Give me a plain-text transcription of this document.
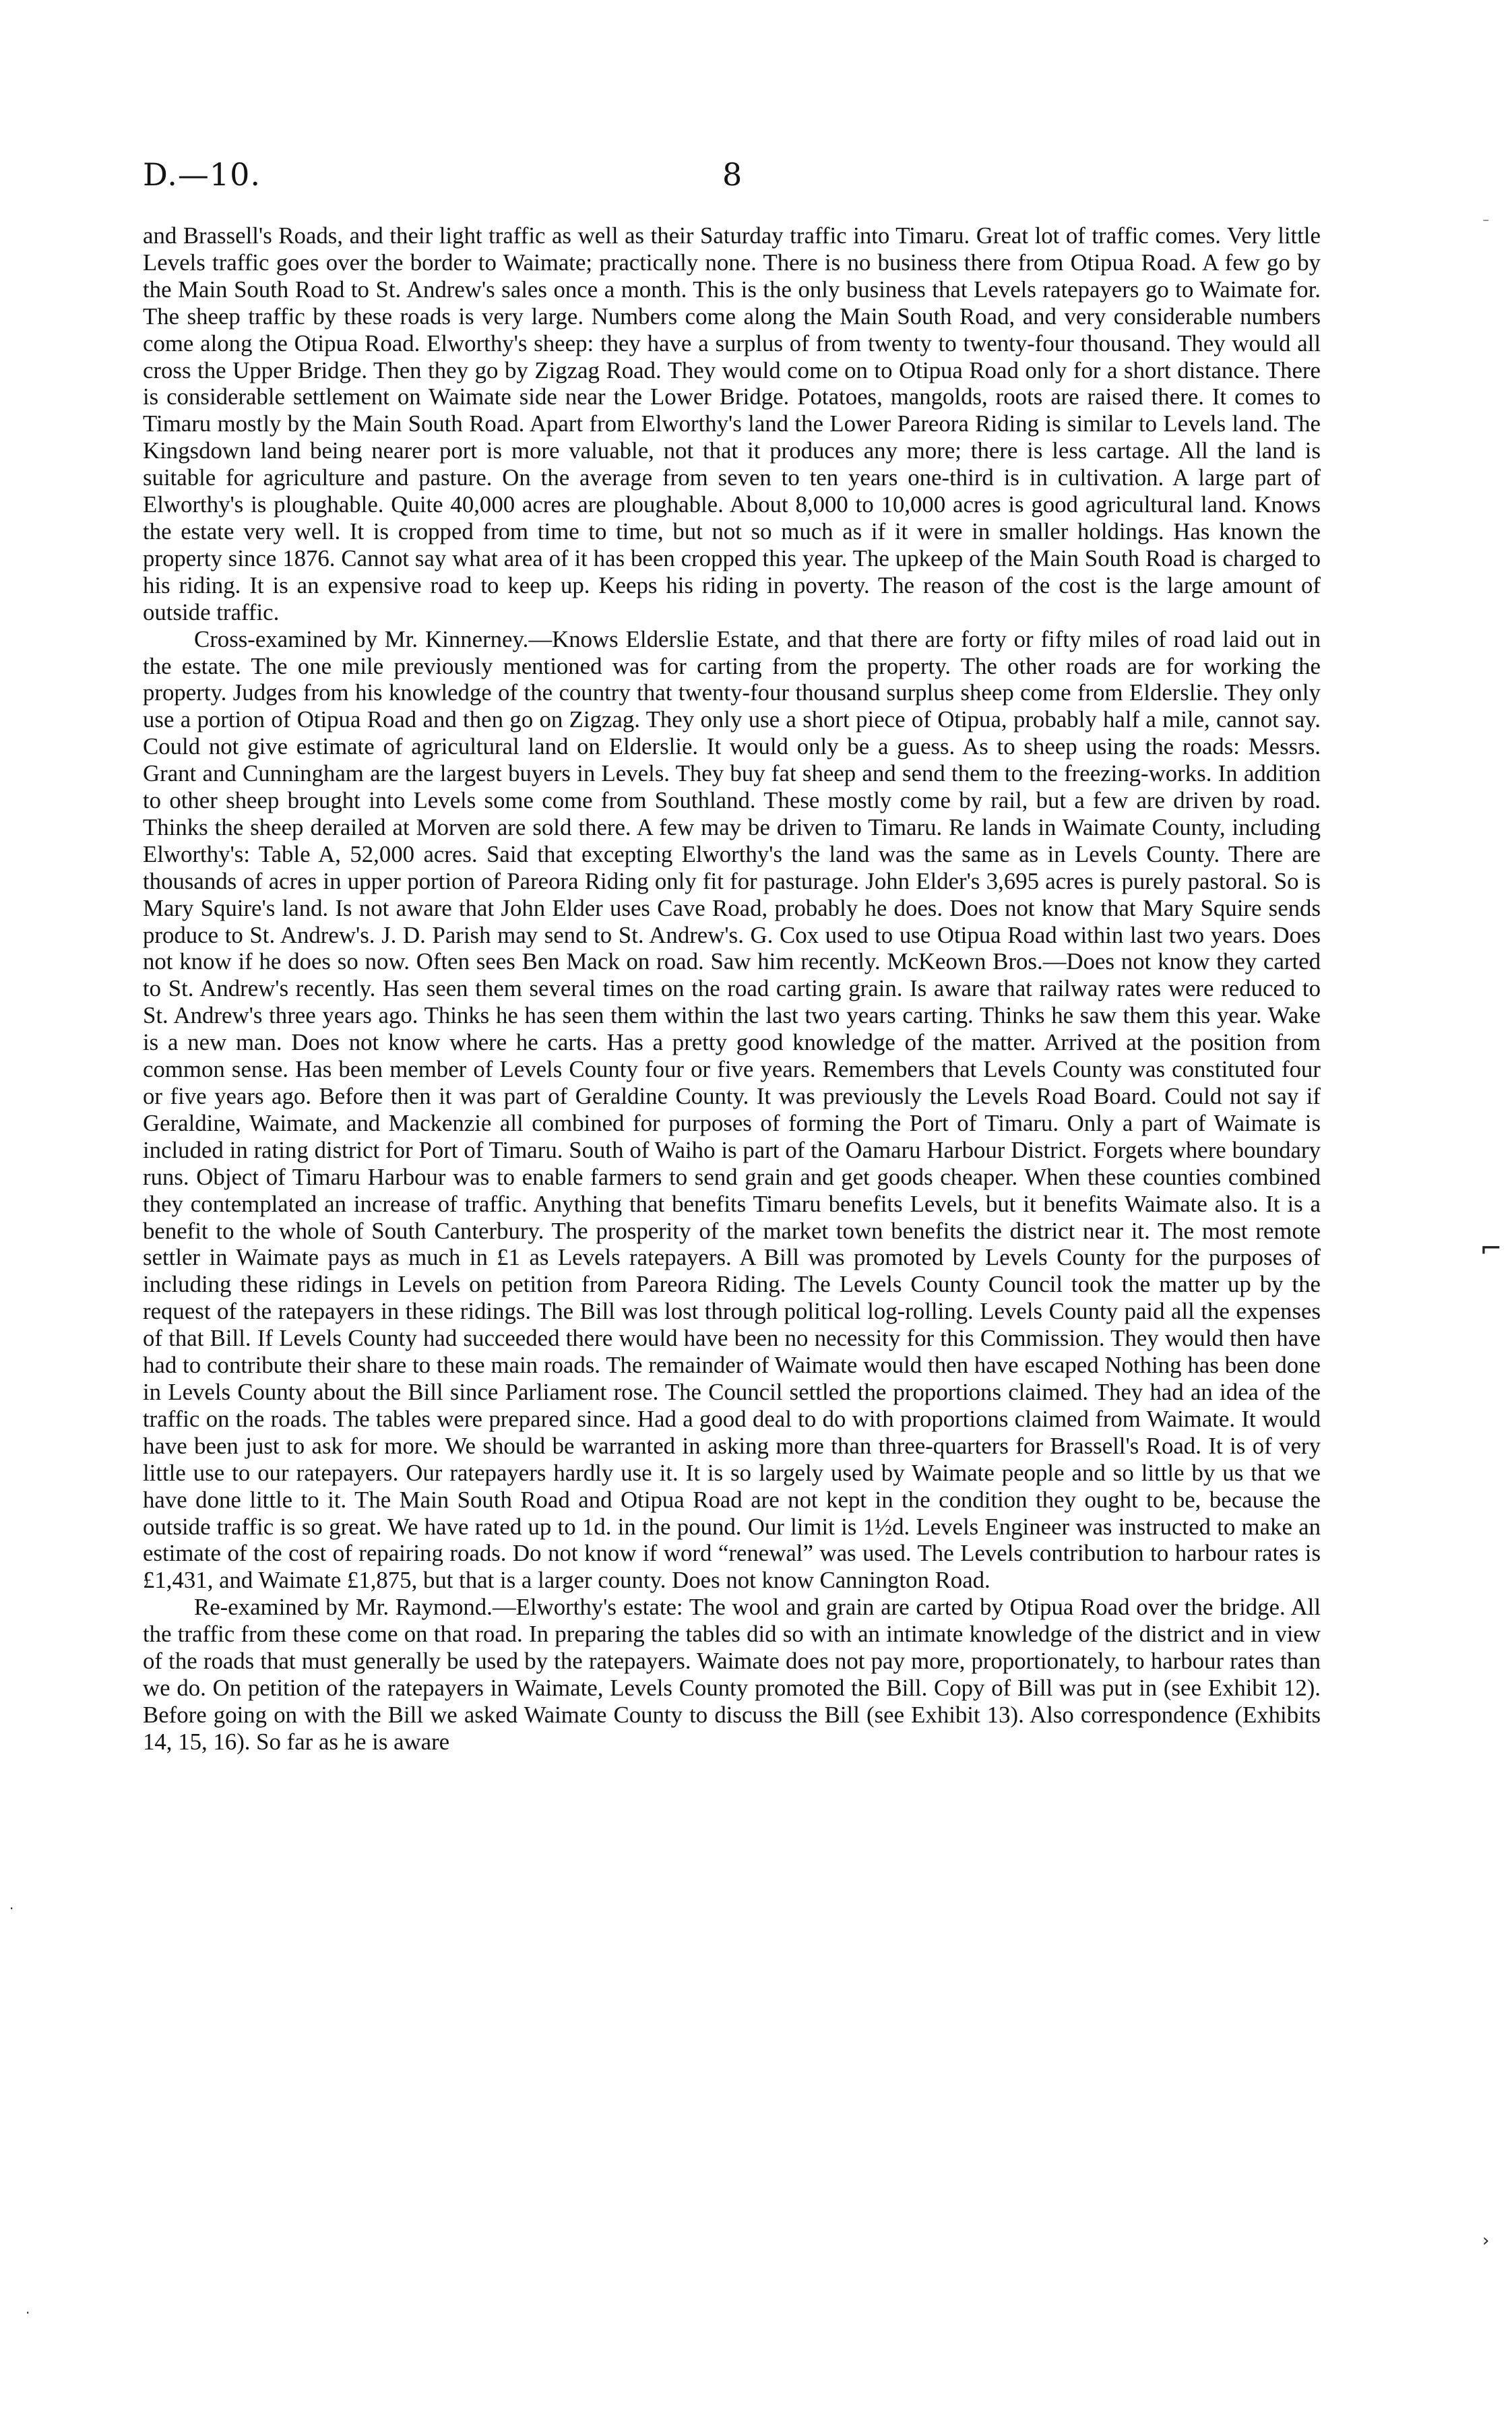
D.—10.	8

and Brassell's Roads, and their light traffic as well as their Saturday traffic into Timaru. Great lot of traffic comes. Very little Levels traffic goes over the border to Waimate; practically none. There is no business there from Otipua Road. A few go by the Main South Road to St. Andrew's sales once a month. This is the only business that Levels ratepayers go to Waimate for. The sheep traffic by these roads is very large. Numbers come along the Main South Road, and very considerable numbers come along the Otipua Road. Elworthy's sheep: they have a surplus of from twenty to twenty-four thousand. They would all cross the Upper Bridge. Then they go by Zigzag Road. They would come on to Otipua Road only for a short distance. There is considerable settlement on Waimate side near the Lower Bridge. Potatoes, mangolds, roots are raised there. It comes to Timaru mostly by the Main South Road. Apart from Elworthy's land the Lower Pareora Riding is similar to Levels land. The Kingsdown land being nearer port is more valuable, not that it produces any more; there is less cartage. All the land is suitable for agriculture and pasture. On the average from seven to ten years one-third is in cultivation. A large part of Elworthy's is ploughable. Quite 40,000 acres are ploughable. About 8,000 to 10,000 acres is good agricultural land. Knows the estate very well. It is cropped from time to time, but not so much as if it were in smaller holdings. Has known the property since 1876. Cannot say what area of it has been cropped this year. The upkeep of the Main South Road is charged to his riding. It is an expensive road to keep up. Keeps his riding in poverty. The reason of the cost is the large amount of outside traffic.

Cross-examined by Mr. Kinnerney.—Knows Elderslie Estate, and that there are forty or fifty miles of road laid out in the estate. The one mile previously mentioned was for carting from the property. The other roads are for working the property. Judges from his knowledge of the country that twenty-four thousand surplus sheep come from Elderslie. They only use a portion of Otipua Road and then go on Zigzag. They only use a short piece of Otipua, probably half a mile, cannot say. Could not give estimate of agricultural land on Elderslie. It would only be a guess. As to sheep using the roads: Messrs. Grant and Cunningham are the largest buyers in Levels. They buy fat sheep and send them to the freezing-works. In addition to other sheep brought into Levels some come from Southland. These mostly come by rail, but a few are driven by road. Thinks the sheep derailed at Morven are sold there. A few may be driven to Timaru. Re lands in Waimate County, including Elworthy's: Table A, 52,000 acres. Said that excepting Elworthy's the land was the same as in Levels County. There are thousands of acres in upper portion of Pareora Riding only fit for pasturage. John Elder's 3,695 acres is purely pastoral. So is Mary Squire's land. Is not aware that John Elder uses Cave Road, probably he does. Does not know that Mary Squire sends produce to St. Andrew's. J. D. Parish may send to St. Andrew's. G. Cox used to use Otipua Road within last two years. Does not know if he does so now. Often sees Ben Mack on road. Saw him recently. McKeown Bros.—Does not know they carted to St. Andrew's recently. Has seen them several times on the road carting grain. Is aware that railway rates were reduced to St. Andrew's three years ago. Thinks he has seen them within the last two years carting. Thinks he saw them this year. Wake is a new man. Does not know where he carts. Has a pretty good knowledge of the matter. Arrived at the position from common sense. Has been member of Levels County four or five years. Remembers that Levels County was constituted four or five years ago. Before then it was part of Geraldine County. It was previously the Levels Road Board. Could not say if Geraldine, Waimate, and Mackenzie all combined for purposes of forming the Port of Timaru. Only a part of Waimate is included in rating district for Port of Timaru. South of Waiho is part of the Oamaru Harbour District. Forgets where boundary runs. Object of Timaru Harbour was to enable farmers to send grain and get goods cheaper. When these counties combined they contemplated an increase of traffic. Anything that benefits Timaru benefits Levels, but it benefits Waimate also. It is a benefit to the whole of South Canterbury. The prosperity of the market town benefits the district near it. The most remote settler in Waimate pays as much in £1 as Levels ratepayers. A Bill was promoted by Levels County for the purposes of including these ridings in Levels on petition from Pareora Riding. The Levels County Council took the matter up by the request of the ratepayers in these ridings. The Bill was lost through political log-rolling. Levels County paid all the expenses of that Bill. If Levels County had succeeded there would have been no necessity for this Commission. They would then have had to contribute their share to these main roads. The remainder of Waimate would then have escaped Nothing has been done in Levels County about the Bill since Parliament rose. The Council settled the proportions claimed. They had an idea of the traffic on the roads. The tables were prepared since. Had a good deal to do with proportions claimed from Waimate. It would have been just to ask for more. We should be warranted in asking more than three-quarters for Brassell's Road. It is of very little use to our ratepayers. Our ratepayers hardly use it. It is so largely used by Waimate people and so little by us that we have done little to it. The Main South Road and Otipua Road are not kept in the condition they ought to be, because the outside traffic is so great. We have rated up to 1d. in the pound. Our limit is 1½d. Levels Engineer was instructed to make an estimate of the cost of repairing roads. Do not know if word “renewal” was used. The Levels contribution to harbour rates is £1,431, and Waimate £1,875, but that is a larger county. Does not know Cannington Road.

Re-examined by Mr. Raymond.—Elworthy's estate: The wool and grain are carted by Otipua Road over the bridge. All the traffic from these come on that road. In preparing the tables did so with an intimate knowledge of the district and in view of the roads that must generally be used by the ratepayers. Waimate does not pay more, proportionately, to harbour rates than we do. On petition of the ratepayers in Waimate, Levels County promoted the Bill. Copy of Bill was put in (see Exhibit 12). Before going on with the Bill we asked Waimate County to discuss the Bill (see Exhibit 13). Also correspondence (Exhibits 14, 15, 16). So far as he is aware

⁻
⌐
›
·
·
